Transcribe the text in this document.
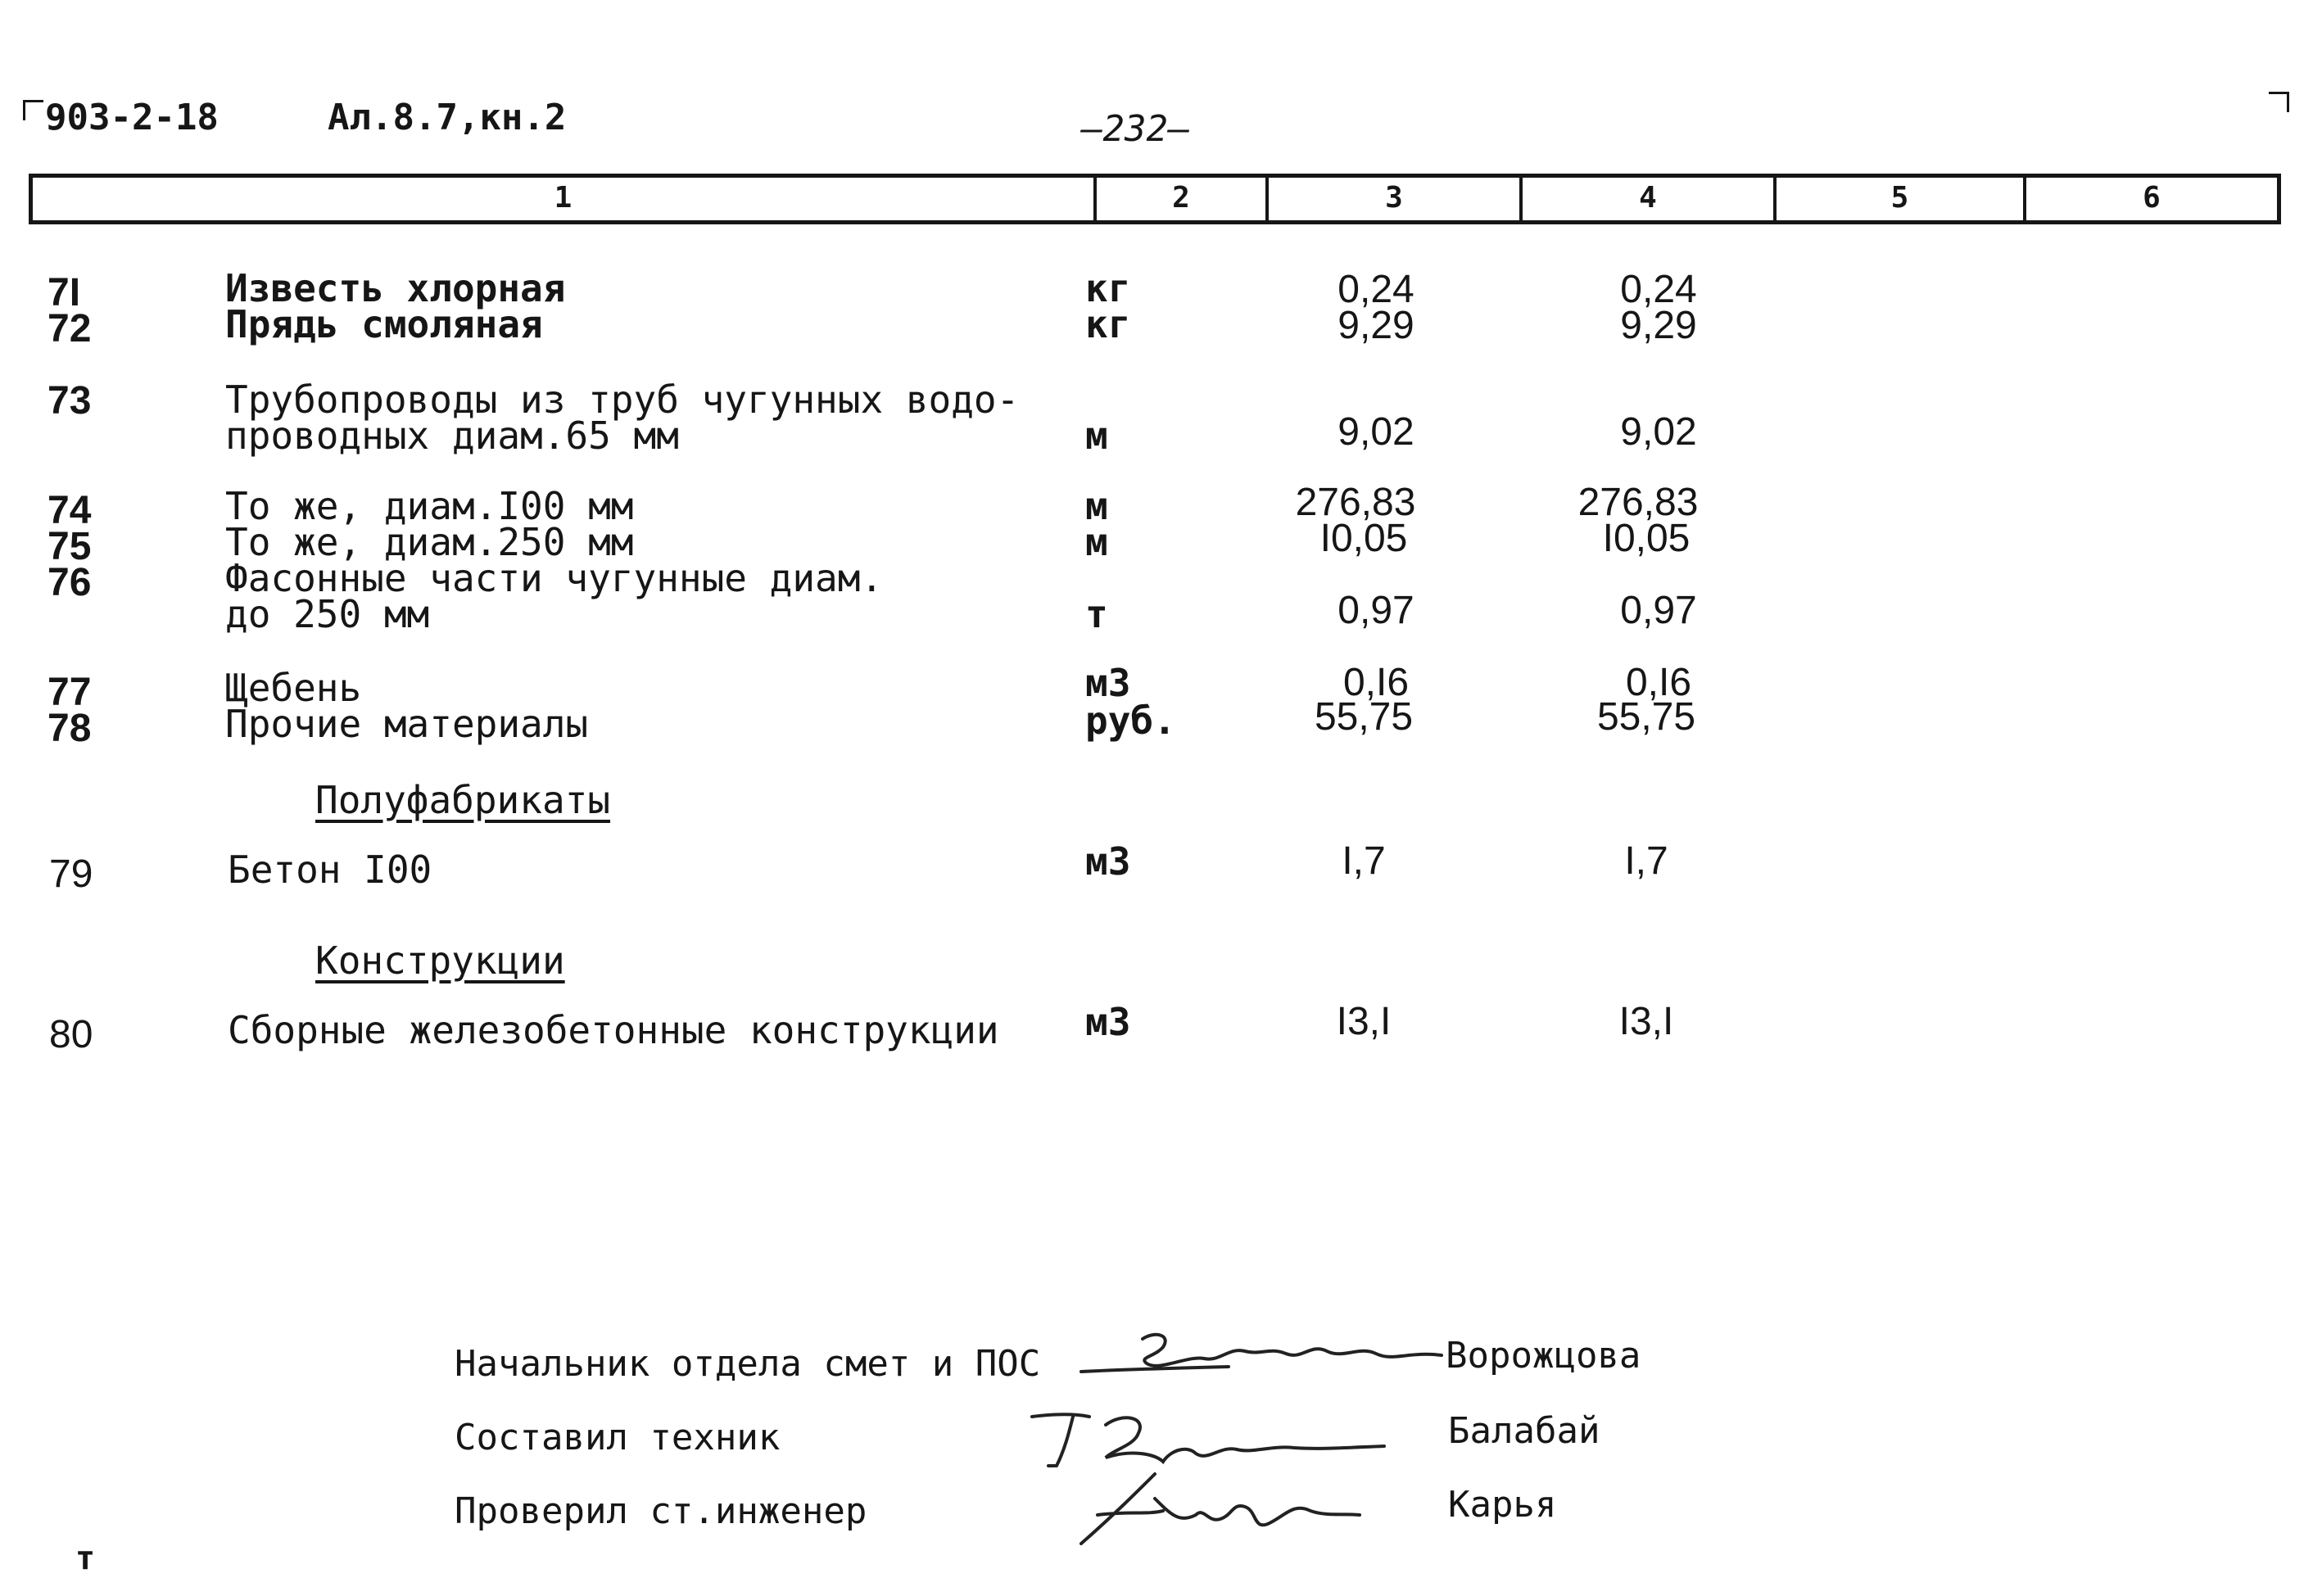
903-2-18	Ал.8.7,кн.2	—232—
1	2	3	4	5	6
7I	Известь хлорная	кг	0,24	0,24
72	Прядь смоляная	кг	9,29	9,29
73	Трубопроводы из труб чугунных водо-
проводных диам.65 мм	м	9,02	9,02
74	То же, диам.I00 мм	м	276,83	276,83
75	То же, диам.250 мм	м	I0,05	I0,05
76	Фасонные части чугунные диам.
до 250 мм	т	0,97	0,97
77	Щебень	м3	0,I6	0,I6
78	Прочие материалы	руб.	55,75	55,75
Полуфабрикаты
79	Бетон I00	м3	I,7	I,7
Конструкции
80	Сборные железобетонные конструкции м3	I3,I	I3,I
Начальник отдела смет и ПОС	Ворожцова
Составил техник	Балабай
Проверил ст.инженер	Карья
т
